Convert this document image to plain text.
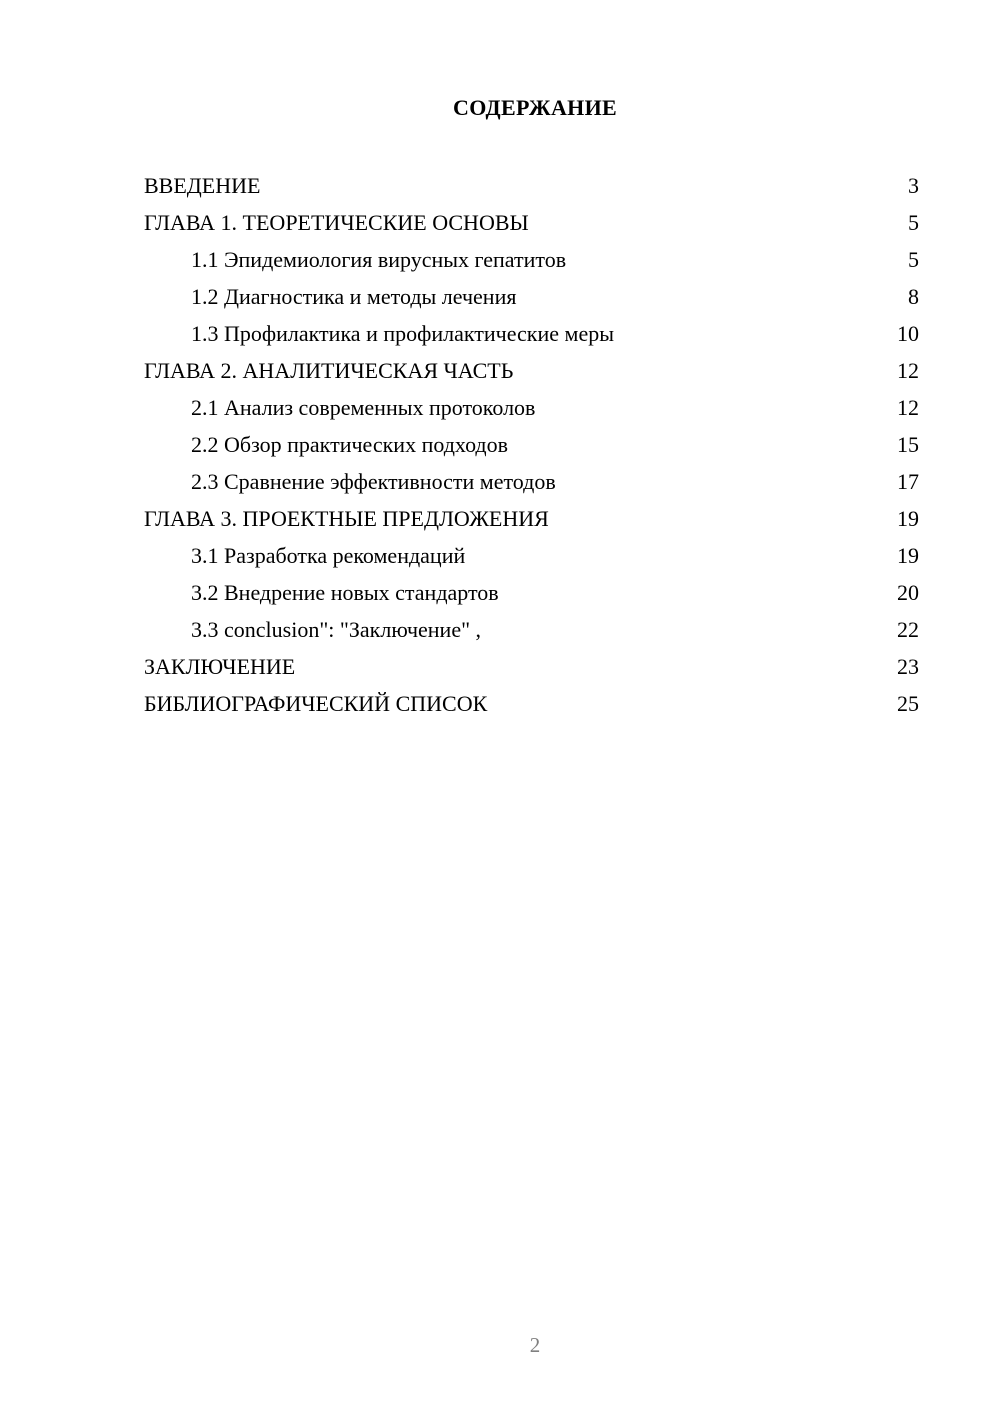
СОДЕРЖАНИЕ
ВВЕДЕНИЕ	3
ГЛАВА 1. ТЕОРЕТИЧЕСКИЕ ОСНОВЫ	5
1.1 Эпидемиология вирусных гепатитов	5
1.2 Диагностика и методы лечения	8
1.3 Профилактика и профилактические меры	10
ГЛАВА 2. АНАЛИТИЧЕСКАЯ ЧАСТЬ	12
2.1 Анализ современных протоколов	12
2.2 Обзор практических подходов	15
2.3 Сравнение эффективности методов	17
ГЛАВА 3. ПРОЕКТНЫЕ ПРЕДЛОЖЕНИЯ	19
3.1 Разработка рекомендаций	19
3.2 Внедрение новых стандартов	20
3.3 conclusion": "Заключение" ,	22
ЗАКЛЮЧЕНИЕ	23
БИБЛИОГРАФИЧЕСКИЙ СПИСОК	25
2
